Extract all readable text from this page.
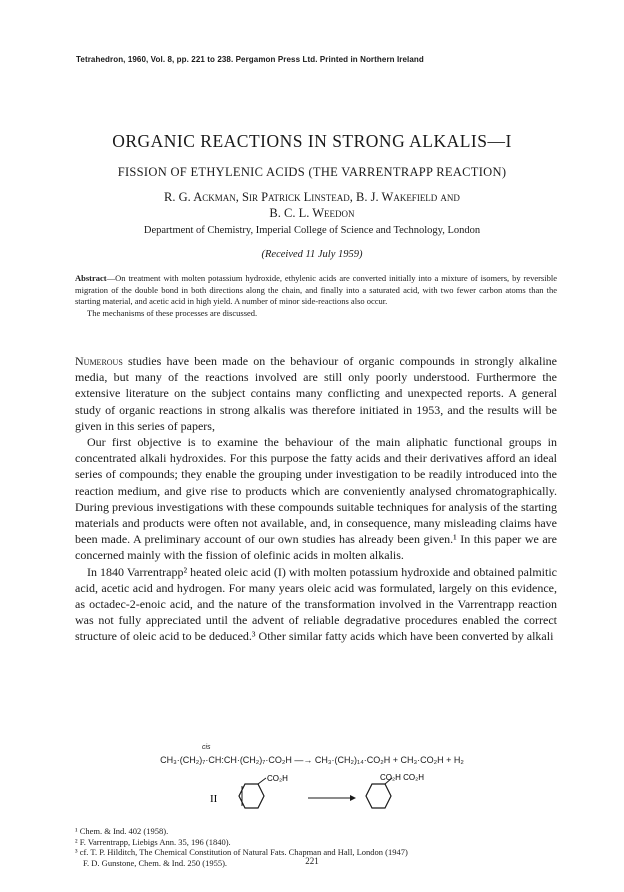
Tetrahedron, 1960, Vol. 8, pp. 221 to 238. Pergamon Press Ltd. Printed in Northern Ireland
ORGANIC REACTIONS IN STRONG ALKALIS—I
FISSION OF ETHYLENIC ACIDS (THE VARRENTRAPP REACTION)
R. G. Ackman, Sir Patrick Linstead, B. J. Wakefield and
B. C. L. Weedon
Department of Chemistry, Imperial College of Science and Technology, London
(Received 11 July 1959)

Abstract—On treatment with molten potassium hydroxide, ethylenic acids are converted initially into a mixture of isomers, by reversible migration of the double bond in both directions along the chain, and finally into a saturated acid, with two fewer carbon atoms than the starting material, and acetic acid in high yield. A number of minor side-reactions also occur.

The mechanisms of these processes are discussed.

Numerous studies have been made on the behaviour of organic compounds in strongly alkaline media, but many of the reactions involved are still only poorly understood. Furthermore the extensive literature on the subject contains many conflicting and unexpected reports. A general study of organic reactions in strong alkalis was therefore initiated in 1953, and the results will be given in this series of papers,

Our first objective is to examine the behaviour of the main aliphatic functional groups in concentrated alkali hydroxides. For this purpose the fatty acids and their derivatives afford an ideal series of compounds; they enable the grouping under investigation to be readily introduced into the reaction medium, and give rise to products which are conveniently analysed chromatographically. During previous investigations with these compounds suitable techniques for analysis of the starting materials and products were often not available, and, in consequence, many misleading claims have been made. A preliminary account of our own studies has already been given.¹ In this paper we are concerned mainly with the fission of olefinic acids in molten alkalis.

In 1840 Varrentrapp² heated oleic acid (I) with molten potassium hydroxide and obtained palmitic acid, acetic acid and hydrogen. For many years oleic acid was formulated, largely on this evidence, as octadec-2-enoic acid, and the nature of the transformation involved in the Varrentrapp reaction was not fully appreciated until the advent of reliable degradative procedures enabled the correct structure of oleic acid to be deduced.³ Other similar fatty acids which have been converted by alkali

cis
CH₃·(CH₂)₇·CH:CH·(CH₂)₇·CO₂H —→ CH₃·(CH₂)₁₄·CO₂H + CH₃·CO₂H + H₂
II
CO₂H	CO₂H CO₂H
¹ Chem. & Ind. 402 (1958).
² F. Varrentrapp, Liebigs Ann. 35, 196 (1840).
³ cf. T. P. Hilditch, The Chemical Constitution of Natural Fats. Chapman and Hall, London (1947)
F. D. Gunstone, Chem. & Ind. 250 (1955).	221
